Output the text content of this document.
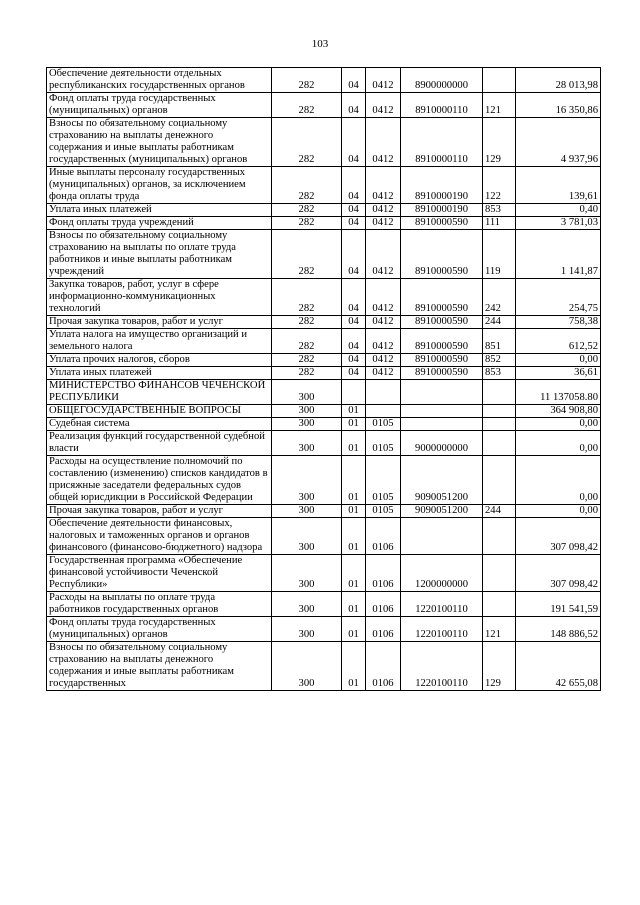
103
Обеспечение деятельности отдельных республиканских государственных органов	282	04	0412	8900000000		28 013,98
Фонд оплаты труда государственных (муниципальных) органов	282	04	0412	8910000110	121	16 350,86
Взносы по обязательному социальному страхованию на выплаты денежного содержания и иные выплаты работникам государственных (муниципальных) органов	282	04	0412	8910000110	129	4 937,96
Иные выплаты персоналу государственных (муниципальных) органов, за исключением фонда оплаты труда	282	04	0412	8910000190	122	139,61
Уплата иных платежей	282	04	0412	8910000190	853	0,40
Фонд оплаты труда учреждений	282	04	0412	8910000590	111	3 781,03
Взносы по обязательному социальному страхованию на выплаты по оплате труда работников и иные выплаты работникам учреждений	282	04	0412	8910000590	119	1 141,87
Закупка товаров, работ, услуг в сфере информационно-коммуникационных технологий	282	04	0412	8910000590	242	254,75
Прочая закупка товаров, работ и услуг	282	04	0412	8910000590	244	758,38
Уплата налога на имущество организаций и земельного налога	282	04	0412	8910000590	851	612,52
Уплата прочих налогов, сборов	282	04	0412	8910000590	852	0,00
Уплата иных платежей	282	04	0412	8910000590	853	36,61
МИНИСТЕРСТВО ФИНАНСОВ ЧЕЧЕНСКОЙ РЕСПУБЛИКИ	300					11 137058.80
ОБЩЕГОСУДАРСТВЕННЫЕ ВОПРОСЫ	300	01				364 908,80
Судебная система	300	01	0105			0,00
Реализация функций государственной судебной власти	300	01	0105	9000000000		0,00
Расходы на осуществление полномочий по составлению (изменению) списков кандидатов в присяжные заседатели федеральных судов общей юрисдикции в Российской Федерации	300	01	0105	9090051200		0,00
Прочая закупка товаров, работ и услуг	300	01	0105	9090051200	244	0,00
Обеспечение деятельности финансовых, налоговых и таможенных органов и органов финансового (финансово-бюджетного) надзора	300	01	0106			307 098,42
Государственная программа «Обеспечение финансовой устойчивости Чеченской Республики»	300	01	0106	1200000000		307 098,42
Расходы на выплаты по оплате труда работников государственных органов	300	01	0106	1220100110		191 541,59
Фонд оплаты труда государственных (муниципальных) органов	300	01	0106	1220100110	121	148 886,52
Взносы по обязательному социальному страхованию на выплаты денежного содержания и иные выплаты работникам государственных	300	01	0106	1220100110	129	42 655,08
